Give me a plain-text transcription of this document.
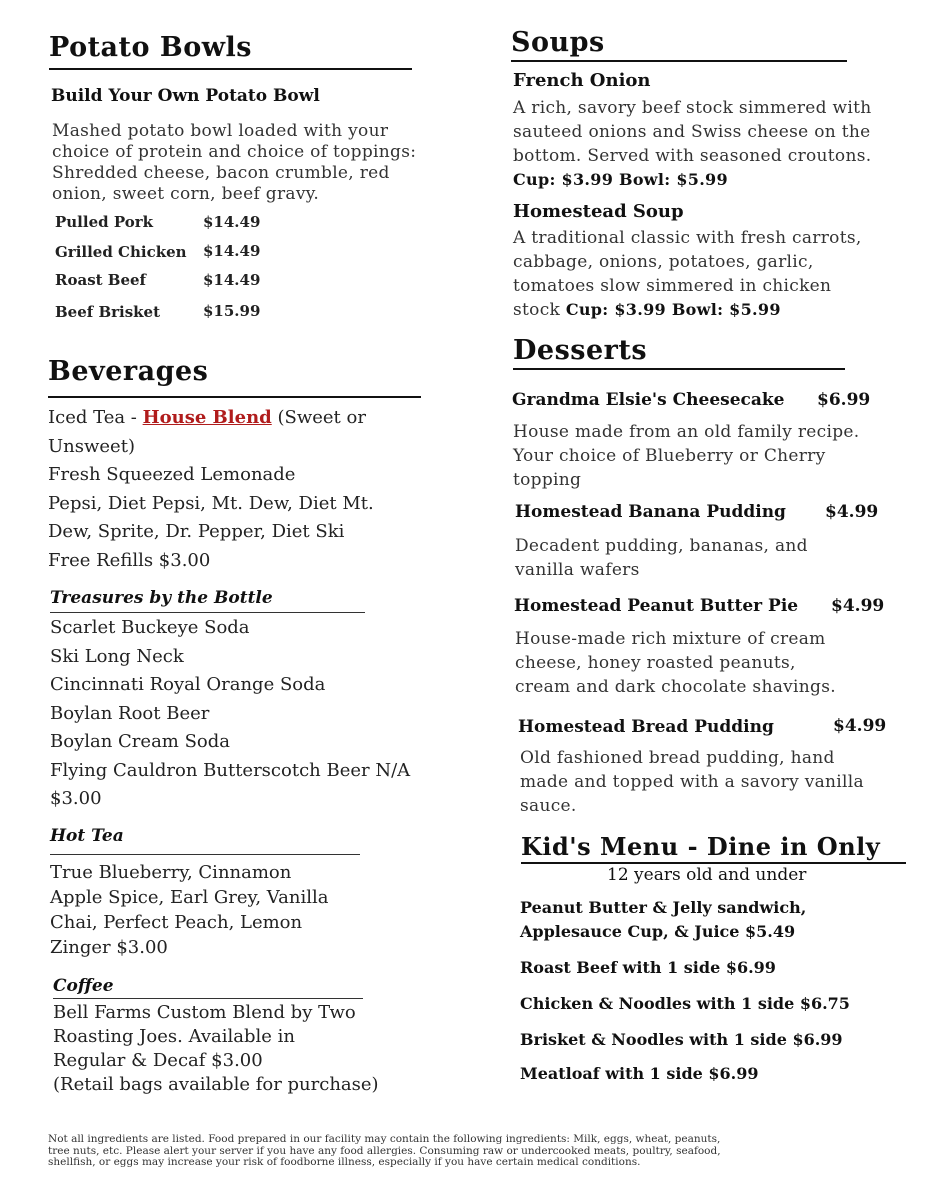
Potato Bowls
Build Your Own Potato Bowl
Mashed potato bowl loaded with your
choice of protein and choice of toppings:
Shredded cheese, bacon crumble, red
onion, sweet corn, beef gravy.
Pulled Pork	$14.49
Grilled Chicken $14.49
Roast Beef	$14.49
Beef Brisket	$15.99
Beverages
Iced Tea - House Blend (Sweet or
Unsweet)
Fresh Squeezed Lemonade
Pepsi, Diet Pepsi, Mt. Dew, Diet Mt.
Dew, Sprite, Dr. Pepper, Diet Ski
Free Refills $3.00
Treasures by the Bottle
Scarlet Buckeye Soda
Ski Long Neck
Cincinnati Royal Orange Soda
Boylan Root Beer
Boylan Cream Soda
Flying Cauldron Butterscotch Beer N/A
$3.00
Hot Tea
True Blueberry, Cinnamon
Apple Spice, Earl Grey, Vanilla
Chai, Perfect Peach, Lemon
Zinger $3.00
Coffee
Bell Farms Custom Blend by Two
Roasting Joes. Available in
Regular & Decaf $3.00
(Retail bags available for purchase)
Soups
French Onion
A rich, savory beef stock simmered with
sauteed onions and Swiss cheese on the
bottom. Served with seasoned croutons.
Cup: $3.99 Bowl: $5.99
Homestead Soup
A traditional classic with fresh carrots,
cabbage, onions, potatoes, garlic,
tomatoes slow simmered in chicken
stock Cup: $3.99 Bowl: $5.99
Desserts
Grandma Elsie's Cheesecake $6.99
House made from an old family recipe.
Your choice of Blueberry or Cherry
topping
Homestead Banana Pudding $4.99
Decadent pudding, bananas, and
vanilla wafers
Homestead Peanut Butter Pie $4.99
House-made rich mixture of cream
cheese, honey roasted peanuts,
cream and dark chocolate shavings.
Homestead Bread Pudding	$4.99
Old fashioned bread pudding, hand
made and topped with a savory vanilla
sauce.
Kid's Menu - Dine in Only
12 years old and under
Peanut Butter & Jelly sandwich,
Applesauce Cup, & Juice $5.49
Roast Beef with 1 side $6.99
Chicken & Noodles with 1 side $6.75
Brisket & Noodles with 1 side $6.99
Meatloaf with 1 side $6.99
Not all ingredients are listed. Food prepared in our facility may contain the following ingredients: Milk, eggs, wheat, peanuts,
tree nuts, etc. Please alert your server if you have any food allergies. Consuming raw or undercooked meats, poultry, seafood,
shellfish, or eggs may increase your risk of foodborne illness, especially if you have certain medical conditions.
